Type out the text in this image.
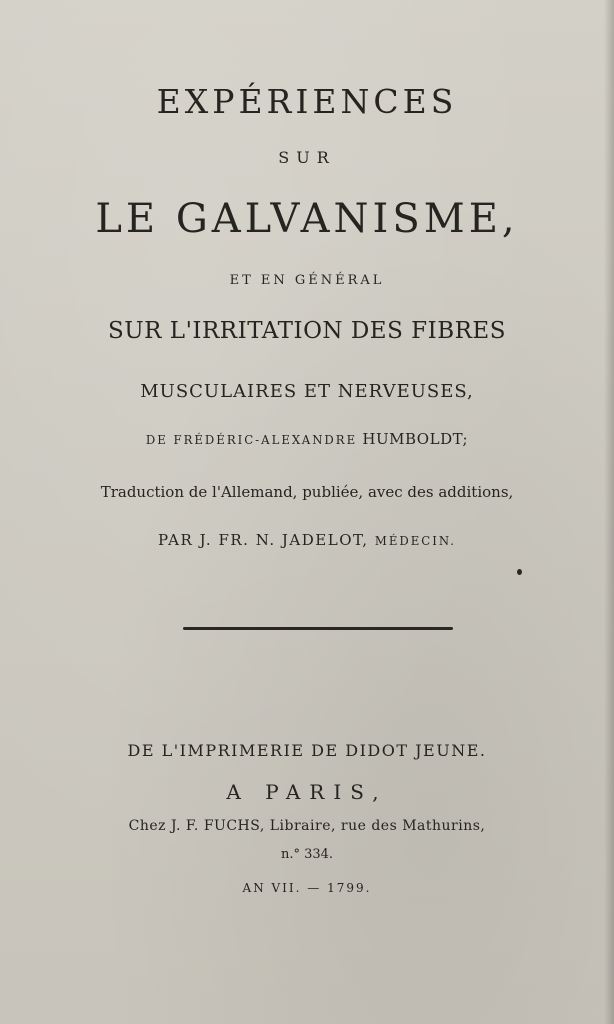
EXPÉRIENCES
SUR
LE GALVANISME,
ET EN GÉNÉRAL
SUR L'IRRITATION DES FIBRES
MUSCULAIRES ET NERVEUSES,
DE FRÉDÉRIC-ALEXANDRE HUMBOLDT;
Traduction de l'Allemand, publiée, avec des additions,
PAR J. FR. N. JADELOT, MÉDECIN.
DE L'IMPRIMERIE DE DIDOT JEUNE.
A PARIS,
Chez J. F. FUCHS, Libraire, rue des Mathurins,
n.° 334.
AN VII. — 1799.
